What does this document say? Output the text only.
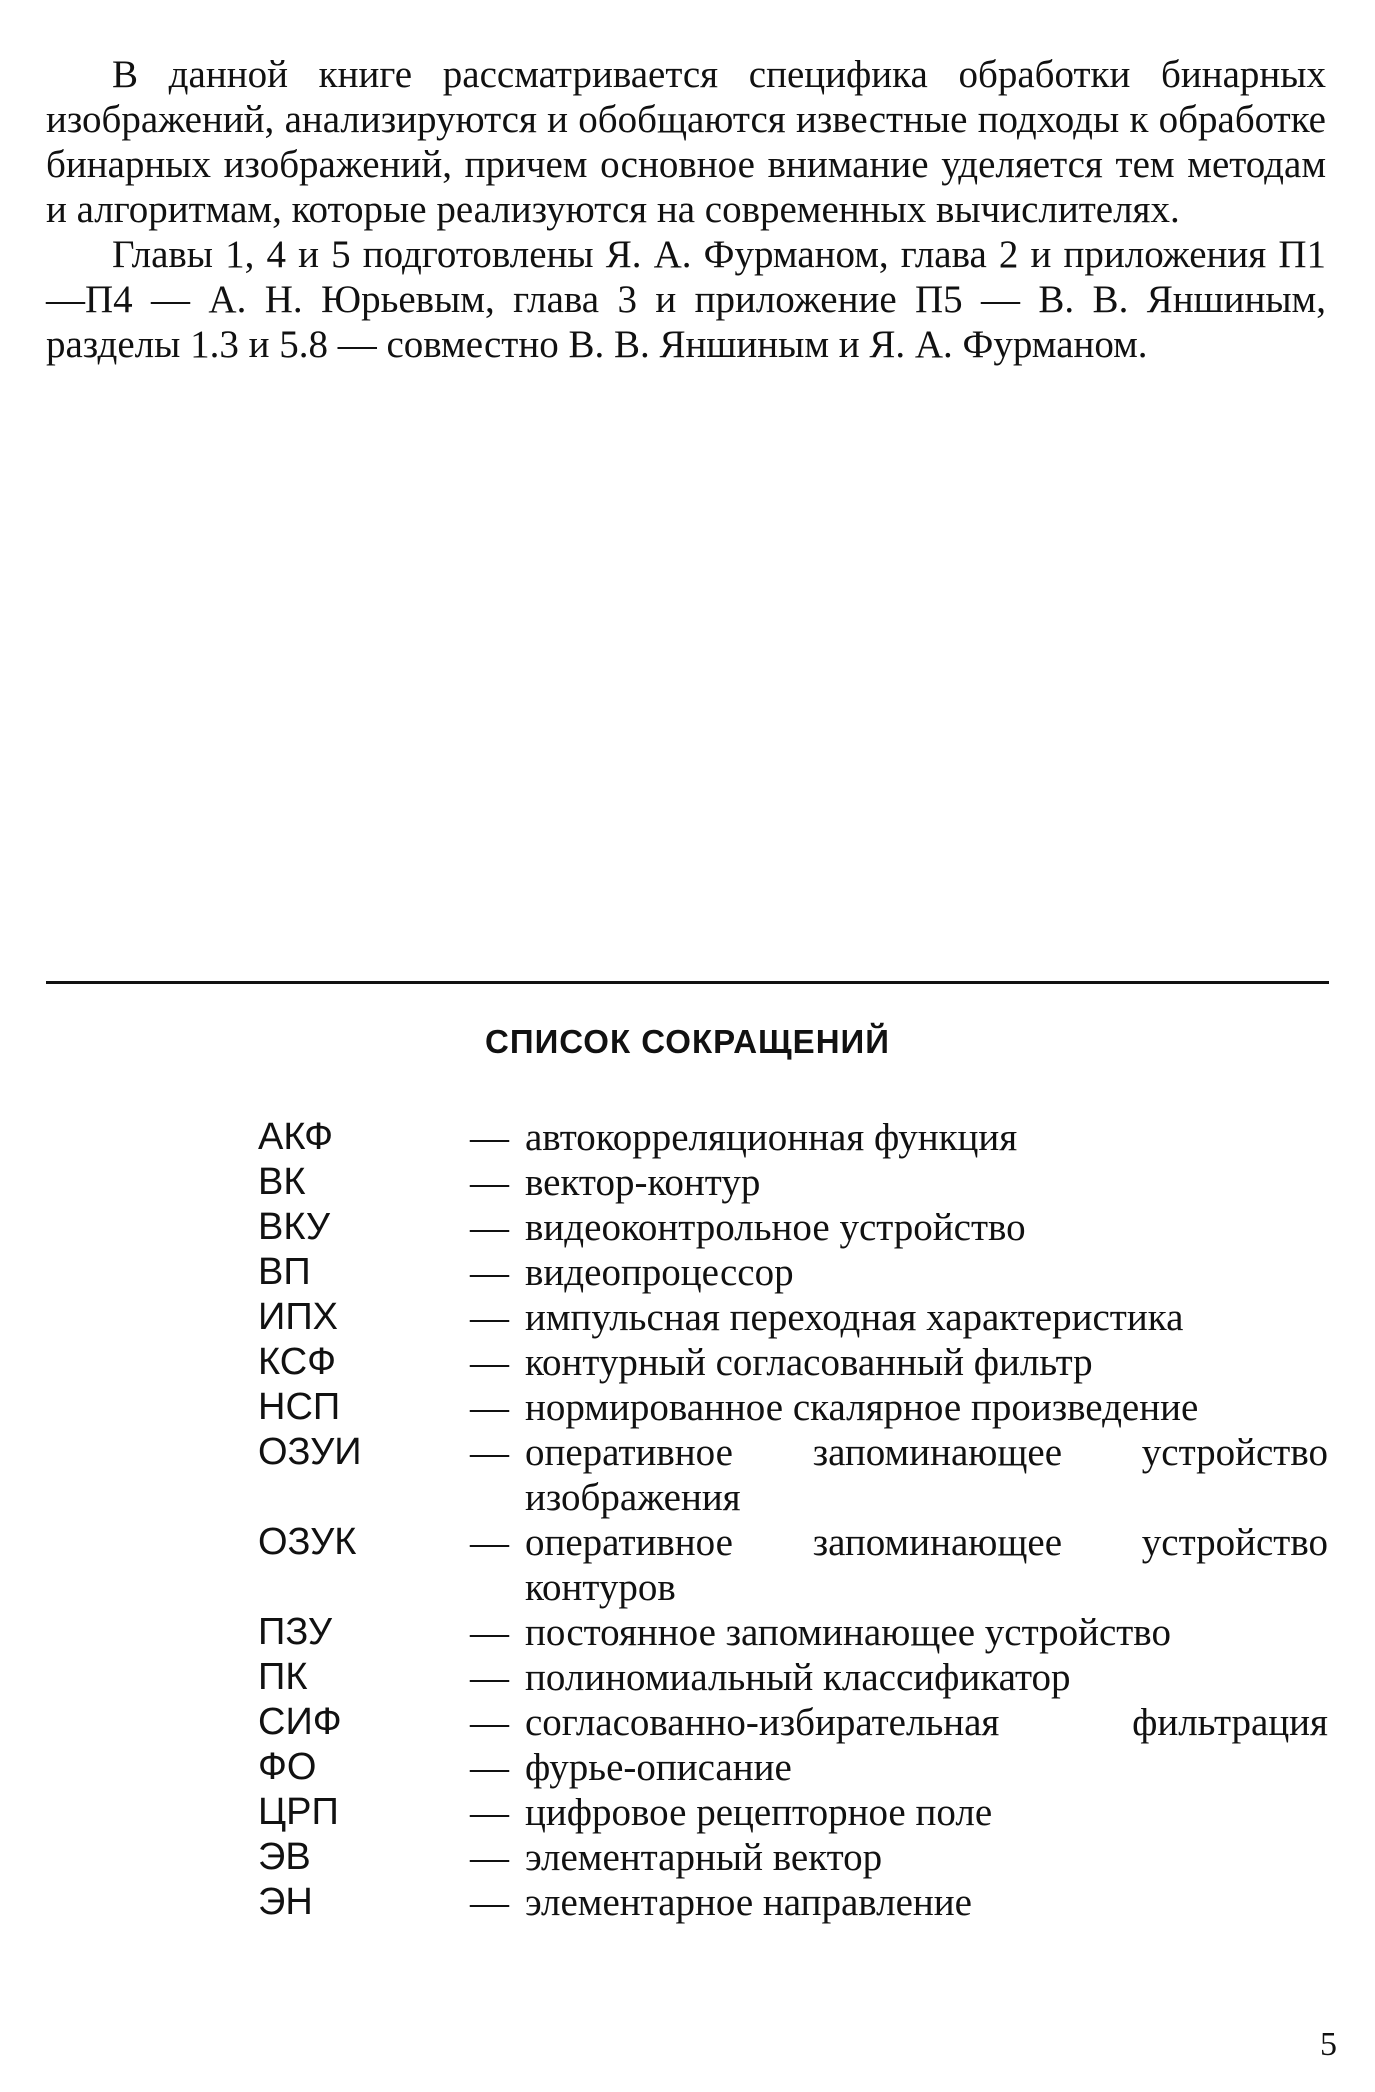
В данной книге рассматривается специфика обработки бинарных изображений, анализируются и обобщаются известные подходы к обработке бинарных изображений, причем основное внимание уделяется тем методам и алгоритмам, которые реализуются на современных вычислителях.

Главы 1, 4 и 5 подготовлены Я. А. Фурманом, глава 2 и приложения П1—П4 — А. Н. Юрьевым, глава 3 и приложение П5 — В. В. Яншиным, разделы 1.3 и 5.8 — совместно В. В. Яншиным и Я. А. Фурманом.

СПИСОК СОКРАЩЕНИЙ
АКФ	— автокорреляционная функция
ВК	— вектор-контур
ВКУ	— видеоконтрольное устройство
ВП	— видеопроцессор
ИПХ	— импульсная переходная характеристика
КСФ	— контурный согласованный фильтр
НСП	— нормированное скалярное произведение
ОЗУИ	— оперативное запоминающее устройство изображения
ОЗУК	— оперативное запоминающее устройство контуров
ПЗУ	— постоянное запоминающее устройство
ПК	— полиномиальный классификатор
СИФ	— согласованно-избирательная фильтрация
ФО	— фурье-описание
ЦРП	— цифровое рецепторное поле
ЭВ	— элементарный вектор
ЭН	— элементарное направление
5
